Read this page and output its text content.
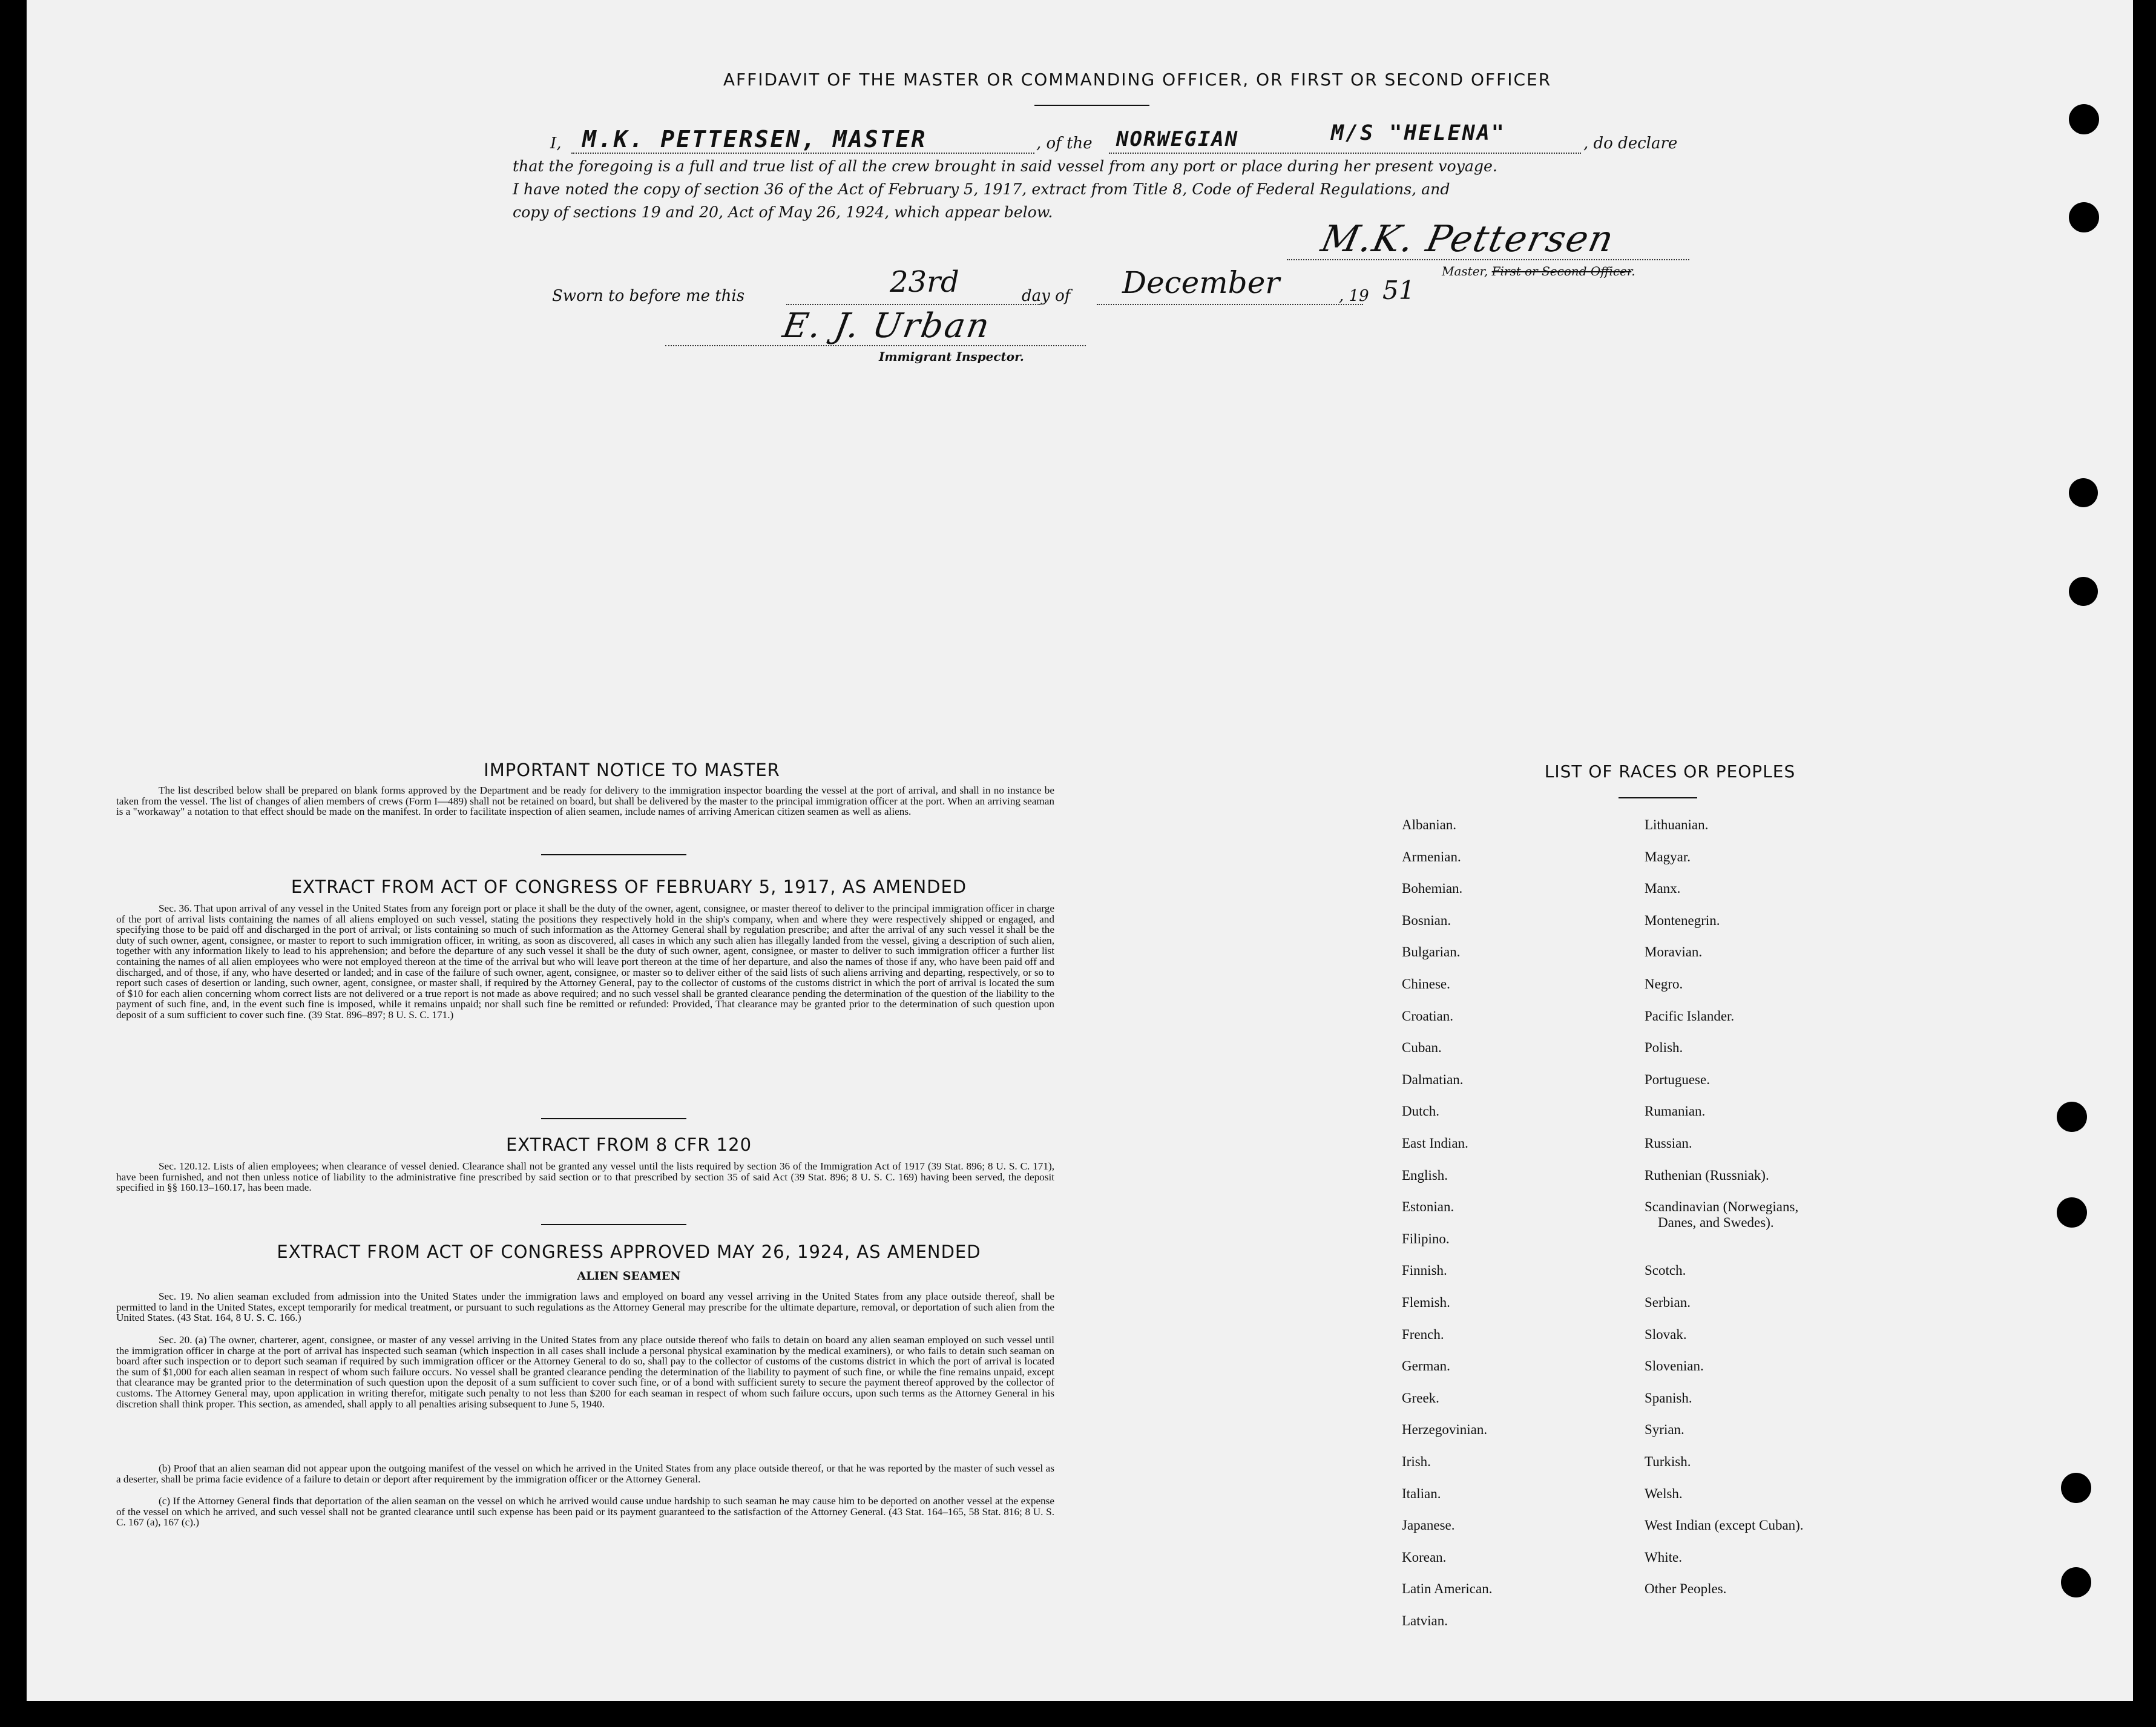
AFFIDAVIT OF THE MASTER OR COMMANDING OFFICER, OR FIRST OR SECOND OFFICER
I, M.K. PETTERSEN, MASTER	, of the NORWEGIAN	M/S "HELENA"	, do declare
that the foregoing is a full and true list of all the crew brought in said vessel from any port or place during her present voyage.
I have noted the copy of section 36 of the Act of February 5, 1917, extract from Title 8, Code of Federal Regulations, and
copy of sections 19 and 20, Act of May 26, 1924, which appear below.
M.K. Pettersen
Master, First or Second Officer.
Sworn to before me this	23rd	day of December	, 19 51
E. J. Urban
Immigrant Inspector.
IMPORTANT NOTICE TO MASTER
The list described below shall be prepared on blank forms approved by the Department and be ready for delivery to the immigration inspector boarding the vessel at the port of arrival, and shall in no instance be taken from the vessel. The list of changes of alien members of crews (Form I—489) shall not be retained on board, but shall be delivered by the master to the principal immigration officer at the port. When an arriving seaman is a "workaway" a notation to that effect should be made on the manifest. In order to facilitate inspection of alien seamen, include names of arriving American citizen seamen as well as aliens.
EXTRACT FROM ACT OF CONGRESS OF FEBRUARY 5, 1917, AS AMENDED
Sec. 36. That upon arrival of any vessel in the United States from any foreign port or place it shall be the duty of the owner, agent, consignee, or master thereof to deliver to the principal immigration officer in charge of the port of arrival lists containing the names of all aliens employed on such vessel, stating the positions they respectively hold in the ship's company, when and where they were respectively shipped or engaged, and specifying those to be paid off and discharged in the port of arrival; or lists containing so much of such information as the Attorney General shall by regulation prescribe; and after the arrival of any such vessel it shall be the duty of such owner, agent, consignee, or master to report to such immigration officer, in writing, as soon as discovered, all cases in which any such alien has illegally landed from the vessel, giving a description of such alien, together with any information likely to lead to his apprehension; and before the departure of any such vessel it shall be the duty of such owner, agent, consignee, or master to deliver to such immigration officer a further list containing the names of all alien employees who were not employed thereon at the time of the arrival but who will leave port thereon at the time of her departure, and also the names of those if any, who have been paid off and discharged, and of those, if any, who have deserted or landed; and in case of the failure of such owner, agent, consignee, or master so to deliver either of the said lists of such aliens arriving and departing, respectively, or so to report such cases of desertion or landing, such owner, agent, consignee, or master shall, if required by the Attorney General, pay to the collector of customs of the customs district in which the port of arrival is located the sum of $10 for each alien concerning whom correct lists are not delivered or a true report is not made as above required; and no such vessel shall be granted clearance pending the determination of the question of the liability to the payment of such fine, and, in the event such fine is imposed, while it remains unpaid; nor shall such fine be remitted or refunded: Provided, That clearance may be granted prior to the determination of such question upon deposit of a sum sufficient to cover such fine. (39 Stat. 896–897; 8 U. S. C. 171.)
EXTRACT FROM 8 CFR 120
Sec. 120.12. Lists of alien employees; when clearance of vessel denied. Clearance shall not be granted any vessel until the lists required by section 36 of the Immigration Act of 1917 (39 Stat. 896; 8 U. S. C. 171), have been furnished, and not then unless notice of liability to the administrative fine prescribed by said section or to that prescribed by section 35 of said Act (39 Stat. 896; 8 U. S. C. 169) having been served, the deposit specified in §§ 160.13–160.17, has been made.
EXTRACT FROM ACT OF CONGRESS APPROVED MAY 26, 1924, AS AMENDED
ALIEN SEAMEN
Sec. 19. No alien seaman excluded from admission into the United States under the immigration laws and employed on board any vessel arriving in the United States from any place outside thereof, shall be permitted to land in the United States, except temporarily for medical treatment, or pursuant to such regulations as the Attorney General may prescribe for the ultimate departure, removal, or deportation of such alien from the United States. (43 Stat. 164, 8 U. S. C. 166.)
Sec. 20. (a) The owner, charterer, agent, consignee, or master of any vessel arriving in the United States from any place outside thereof who fails to detain on board any alien seaman employed on such vessel until the immigration officer in charge at the port of arrival has inspected such seaman (which inspection in all cases shall include a personal physical examination by the medical examiners), or who fails to detain such seaman on board after such inspection or to deport such seaman if required by such immigration officer or the Attorney General to do so, shall pay to the collector of customs of the customs district in which the port of arrival is located the sum of $1,000 for each alien seaman in respect of whom such failure occurs. No vessel shall be granted clearance pending the determination of the liability to payment of such fine, or while the fine remains unpaid, except that clearance may be granted prior to the determination of such question upon the deposit of a sum sufficient to cover such fine, or of a bond with sufficient surety to secure the payment thereof approved by the collector of customs. The Attorney General may, upon application in writing therefor, mitigate such penalty to not less than $200 for each seaman in respect of whom such failure occurs, upon such terms as the Attorney General in his discretion shall think proper. This section, as amended, shall apply to all penalties arising subsequent to June 5, 1940.
(b) Proof that an alien seaman did not appear upon the outgoing manifest of the vessel on which he arrived in the United States from any place outside thereof, or that he was reported by the master of such vessel as a deserter, shall be prima facie evidence of a failure to detain or deport after requirement by the immigration officer or the Attorney General.
(c) If the Attorney General finds that deportation of the alien seaman on the vessel on which he arrived would cause undue hardship to such seaman he may cause him to be deported on another vessel at the expense of the vessel on which he arrived, and such vessel shall not be granted clearance until such expense has been paid or its payment guaranteed to the satisfaction of the Attorney General. (43 Stat. 164–165, 58 Stat. 816; 8 U. S. C. 167 (a), 167 (c).)
LIST OF RACES OR PEOPLES
Albanian.
Armenian.
Bohemian.
Bosnian.
Bulgarian.
Chinese.
Croatian.
Cuban.
Dalmatian.
Dutch.
East Indian.
English.
Estonian.
Filipino.
Finnish.
Flemish.
French.
German.
Greek.
Herzegovinian.
Irish.
Italian.
Japanese.
Korean.
Latin American.
Latvian.
Lithuanian.
Magyar.
Manx.
Montenegrin.
Moravian.
Negro.
Pacific Islander.
Polish.
Portuguese.
Rumanian.
Russian.
Ruthenian (Russniak).
Scandinavian (Norwegians,
Scotch.
Serbian.
Slovak.
Slovenian.
Spanish.
Syrian.
Turkish.
Welsh.
West Indian (except Cuban).
White.
Other Peoples.
Danes, and Swedes).
